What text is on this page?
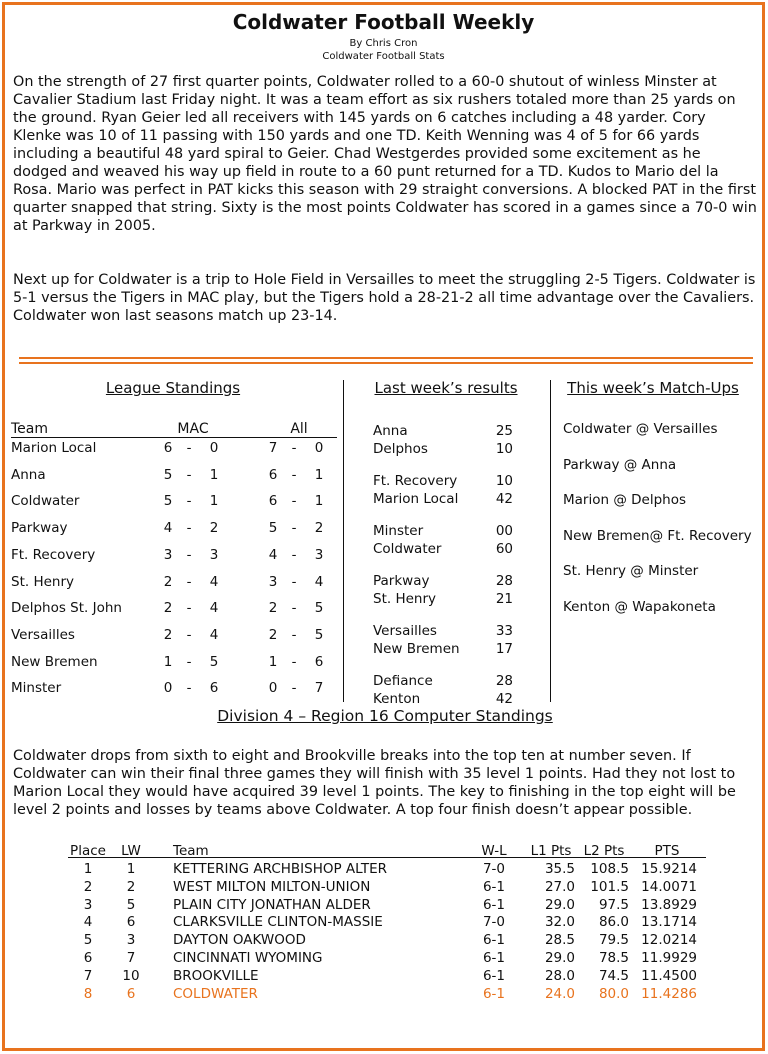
Coldwater Football Weekly
By Chris Cron
Coldwater Football Stats
On the strength of 27 first quarter points, Coldwater rolled to a 60-0 shutout of winless Minster at Cavalier Stadium last Friday night. It was a team effort as six rushers totaled more than 25 yards on the ground. Ryan Geier led all receivers with 145 yards on 6 catches including a 48 yarder. Cory Klenke was 10 of 11 passing with 150 yards and one TD. Keith Wenning was 4 of 5 for 66 yards including a beautiful 48 yard spiral to Geier. Chad Westgerdes provided some excitement as he dodged and weaved his way up field in route to a 60 punt returned for a TD. Kudos to Mario del la Rosa. Mario was perfect in PAT kicks this season with 29 straight conversions. A blocked PAT in the first quarter snapped that string. Sixty is the most points Coldwater has scored in a games since a 70-0 win at Parkway in 2005.
Next up for Coldwater is a trip to Hole Field in Versailles to meet the struggling 2-5 Tigers. Coldwater is 5-1 versus the Tigers in MAC play, but the Tigers hold a 28-21-2 all time advantage over the Cavaliers. Coldwater won last seasons match up 23-14.
League Standings
Team	MAC	All
Marion Local	6	-	0	7	-	0
Anna	5	-	1	6	-	1
Coldwater	5	-	1	6	-	1
Parkway	4	-	2	5	-	2
Ft. Recovery	3	-	3	4	-	3
St. Henry	2	-	4	3	-	4
Delphos St. John	2	-	4	2	-	5
Versailles	2	-	4	2	-	5
New Bremen	1	-	5	1	-	6
Minster	0	-	6	0	-	7
Last week’s results
Anna	25
Delphos	10
Ft. Recovery	10
Marion Local	42
Minster	00
Coldwater	60
Parkway	28
St. Henry	21
Versailles	33
New Bremen	17
Defiance	28
Kenton	42
This week’s Match-Ups
Coldwater @ Versailles
Parkway @ Anna
Marion @ Delphos
New Bremen@ Ft. Recovery
St. Henry @ Minster
Kenton @ Wapakoneta
Division 4 – Region 16 Computer Standings
Coldwater drops from sixth to eight and Brookville breaks into the top ten at number seven. If Coldwater can win their final three games they will finish with 35 level 1 points. Had they not lost to Marion Local they would have acquired 39 level 1 points. The key to finishing in the top eight will be level 2 points and losses by teams above Coldwater. A top four finish doesn’t appear possible.
Place	LW	Team	W-L	L1 Pts L2 Pts	PTS
1	1	KETTERING ARCHBISHOP ALTER	7-0	35.5	108.5 15.9214
2	2	WEST MILTON MILTON-UNION	6-1	27.0	101.5 14.0071
3	5	PLAIN CITY JONATHAN ALDER	6-1	29.0	97.5 13.8929
4	6	CLARKSVILLE CLINTON-MASSIE	7-0	32.0	86.0 13.1714
5	3	DAYTON OAKWOOD	6-1	28.5	79.5 12.0214
6	7	CINCINNATI WYOMING	6-1	29.0	78.5 11.9929
7	10	BROOKVILLE	6-1	28.0	74.5 11.4500
8	6	COLDWATER	6-1	24.0	80.0 11.4286
